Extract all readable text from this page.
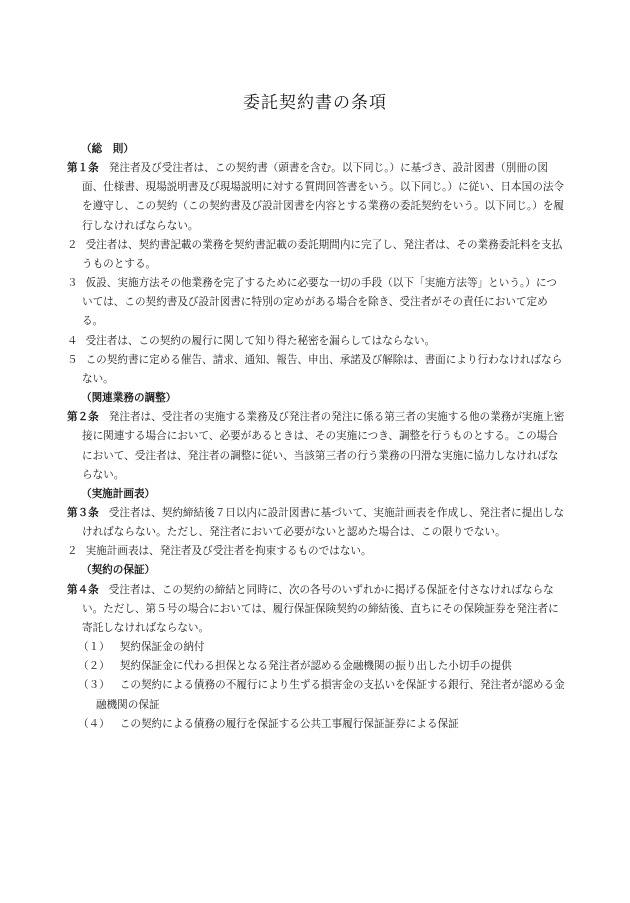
委託契約書の条項
（総　則）
第１条 発注者及び受注者は、この契約書（頭書を含む。以下同じ。）に基づき、設計図書（別冊の図面、仕様書、現場説明書及び現場説明に対する質問回答書をいう。以下同じ。）に従い、日本国の法令を遵守し、この契約（この契約書及び設計図書を内容とする業務の委託契約をいう。以下同じ。）を履行しなければならない。
２ 受注者は、契約書記載の業務を契約書記載の委託期間内に完了し、発注者は、その業務委託料を支払うものとする。
３ 仮設、実施方法その他業務を完了するために必要な一切の手段（以下「実施方法等」という。）については、この契約書及び設計図書に特別の定めがある場合を除き、受注者がその責任において定める。
４ 受注者は、この契約の履行に関して知り得た秘密を漏らしてはならない。
５ この契約書に定める催告、請求、通知、報告、申出、承諾及び解除は、書面により行わなければならない。
（関連業務の調整）
第２条 発注者は、受注者の実施する業務及び発注者の発注に係る第三者の実施する他の業務が実施上密接に関連する場合において、必要があるときは、その実施につき、調整を行うものとする。この場合において、受注者は、発注者の調整に従い、当該第三者の行う業務の円滑な実施に協力しなければならない。
（実施計画表）
第３条 受注者は、契約締結後７日以内に設計図書に基づいて、実施計画表を作成し、発注者に提出しなければならない。ただし、発注者において必要がないと認めた場合は、この限りでない。
２ 実施計画表は、発注者及び受注者を拘束するものではない。
（契約の保証）
第４条 受注者は、この契約の締結と同時に、次の各号のいずれかに掲げる保証を付さなければならない。ただし、第５号の場合においては、履行保証保険契約の締結後、直ちにその保険証券を発注者に寄託しなければならない。
（１） 契約保証金の納付
（２） 契約保証金に代わる担保となる発注者が認める金融機関の振り出した小切手の提供
（３） この契約による債務の不履行により生ずる損害金の支払いを保証する銀行、発注者が認める金融機関の保証
（４） この契約による債務の履行を保証する公共工事履行保証証券による保証
